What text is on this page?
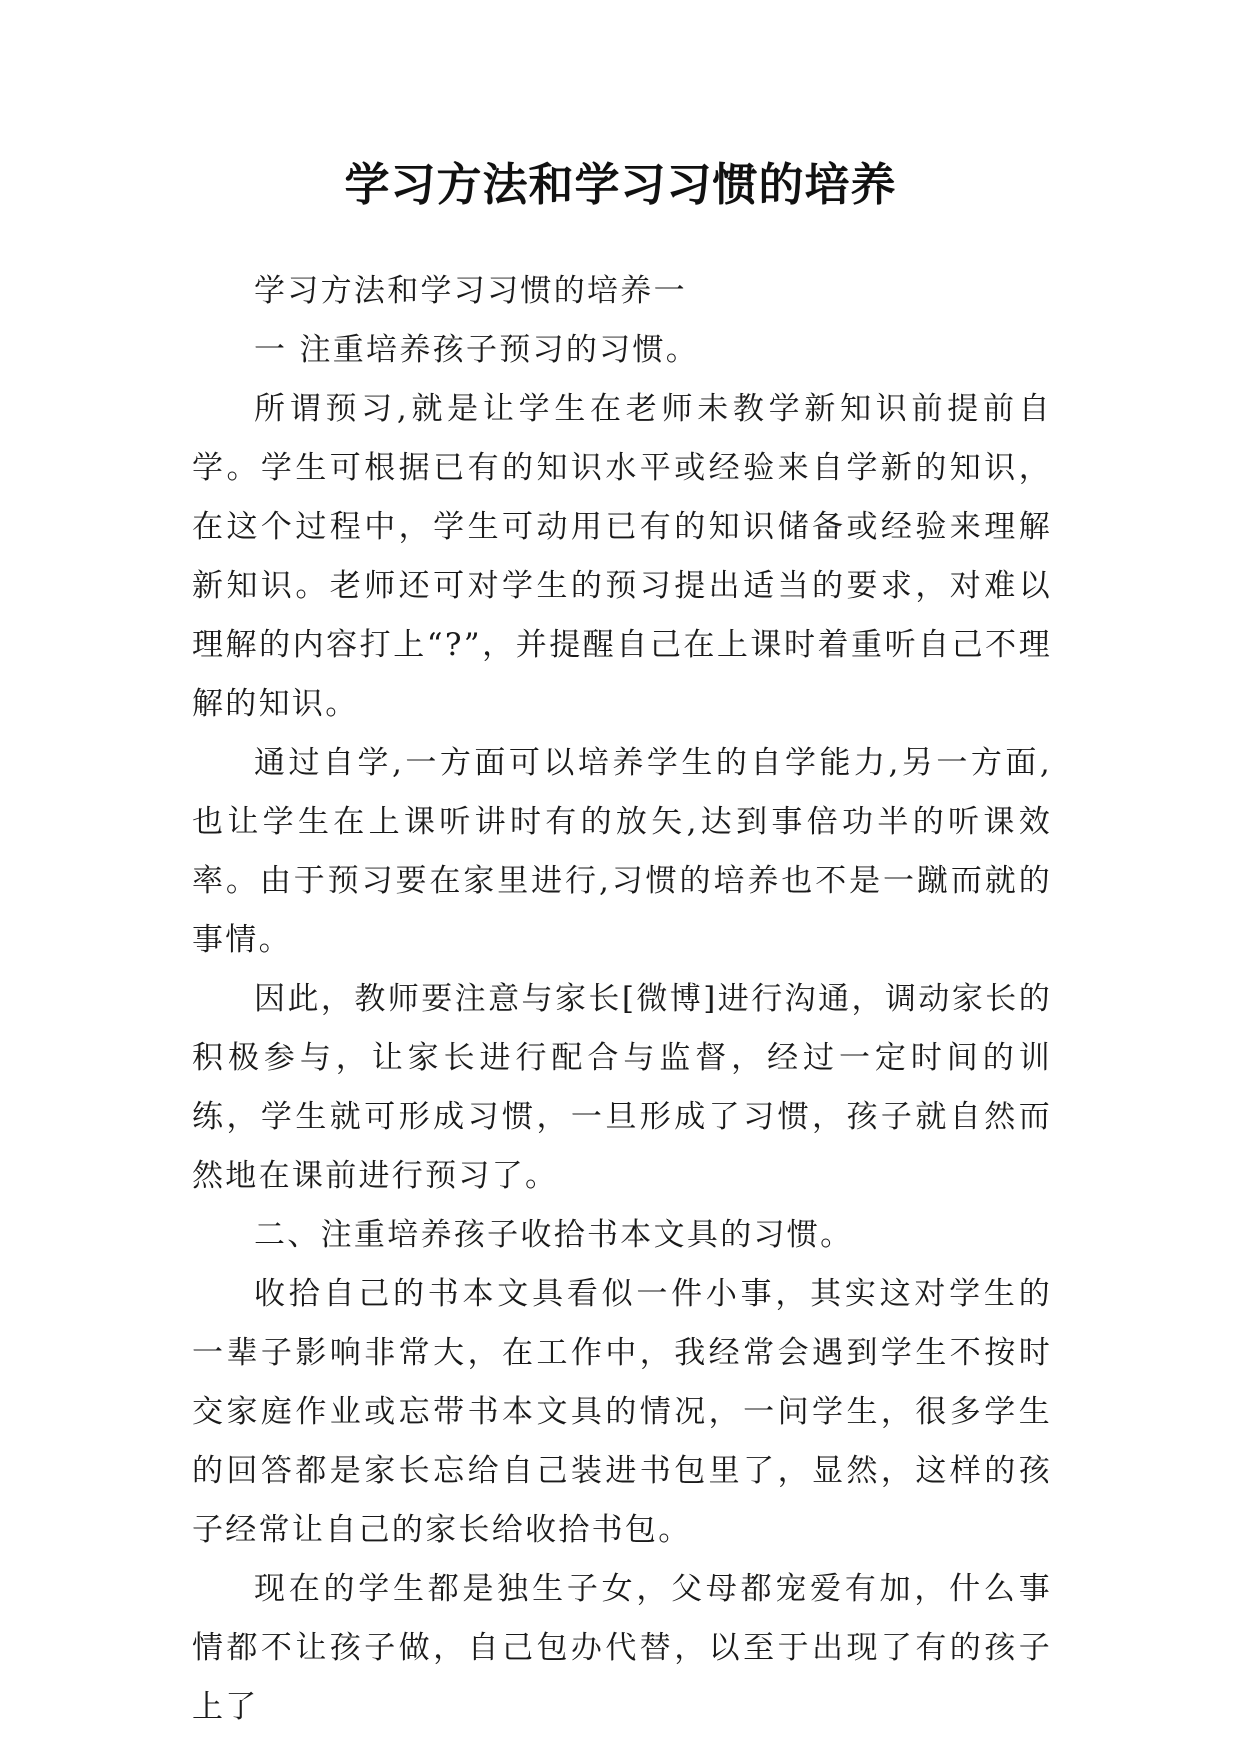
学习方法和学习习惯的培养

学习方法和学习习惯的培养一

一 注重培养孩子预习的习惯。

所谓预习,就是让学生在老师未教学新知识前提前自学。学生可根据已有的知识水平或经验来自学新的知识，在这个过程中，学生可动用已有的知识储备或经验来理解新知识。老师还可对学生的预习提出适当的要求，对难以理解的内容打上“?”，并提醒自己在上课时着重听自己不理解的知识。

通过自学,一方面可以培养学生的自学能力,另一方面,也让学生在上课听讲时有的放矢,达到事倍功半的听课效率。由于预习要在家里进行,习惯的培养也不是一蹴而就的事情。

因此，教师要注意与家长[微博]进行沟通，调动家长的积极参与，让家长进行配合与监督，经过一定时间的训练，学生就可形成习惯，一旦形成了习惯，孩子就自然而然地在课前进行预习了。

二、注重培养孩子收拾书本文具的习惯。

收拾自己的书本文具看似一件小事，其实这对学生的一辈子影响非常大，在工作中，我经常会遇到学生不按时交家庭作业或忘带书本文具的情况，一问学生，很多学生的回答都是家长忘给自己装进书包里了，显然，这样的孩子经常让自己的家长给收拾书包。

现在的学生都是独生子女，父母都宠爱有加，什么事情都不让孩子做，自己包办代替，以至于出现了有的孩子上了
